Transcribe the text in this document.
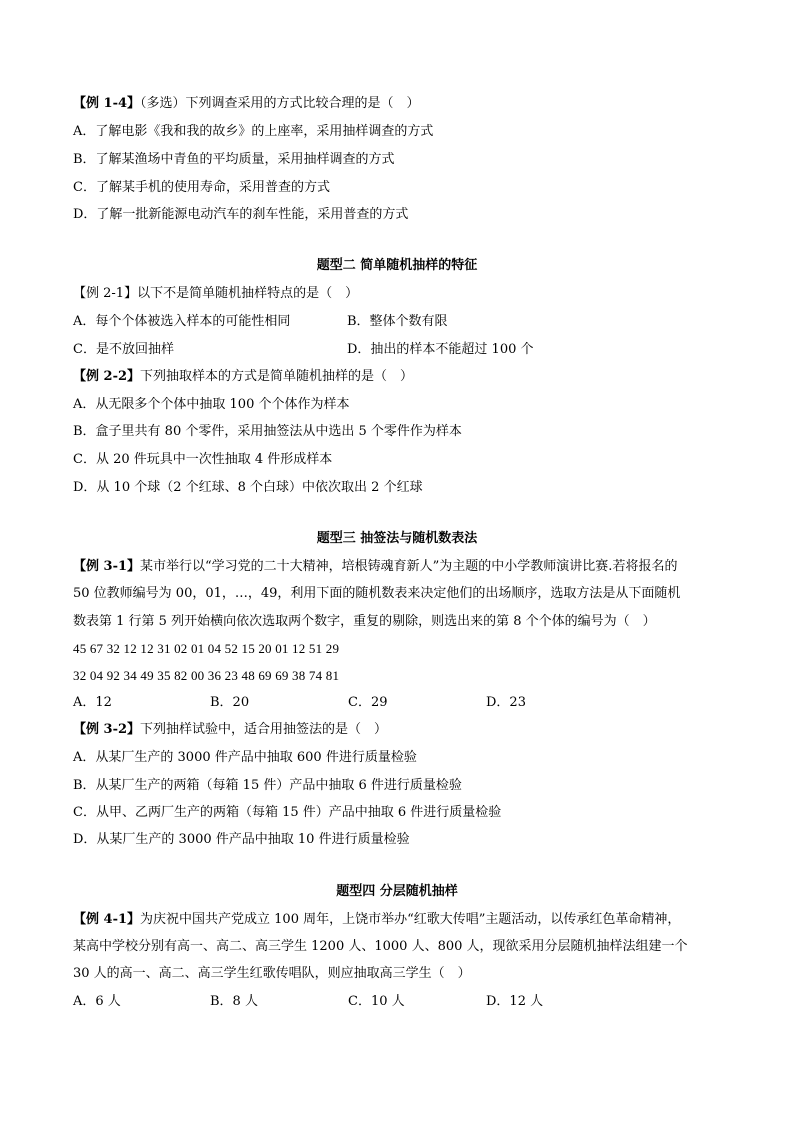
【例 1-4】（多选）下列调查采用的方式比较合理的是（　）
A．了解电影《我和我的故乡》的上座率，采用抽样调查的方式
B．了解某渔场中青鱼的平均质量，采用抽样调查的方式
C．了解某手机的使用寿命，采用普查的方式
D．了解一批新能源电动汽车的刹车性能，采用普查的方式
题型二 简单随机抽样的特征
【例 2-1】以下不是简单随机抽样特点的是（　）
A．每个个体被选入样本的可能性相同	B．整体个数有限
C．是不放回抽样	D．抽出的样本不能超过 100 个
【例 2-2】下列抽取样本的方式是简单随机抽样的是（　）
A．从无限多个个体中抽取 100 个个体作为样本
B．盒子里共有 80 个零件，采用抽签法从中选出 5 个零件作为样本
C．从 20 件玩具中一次性抽取 4 件形成样本
D．从 10 个球（2 个红球、8 个白球）中依次取出 2 个红球
题型三 抽签法与随机数表法
【例 3-1】某市举行以“学习党的二十大精神，培根铸魂育新人”为主题的中小学教师演讲比赛.若将报名的
50 位教师编号为 00，01，…，49，利用下面的随机数表来决定他们的出场顺序，选取方法是从下面随机
数表第 1 行第 5 列开始横向依次选取两个数字，重复的剔除，则选出来的第 8 个个体的编号为（　）
45 67 32 12 12 31 02 01 04 52 15 20 01 12 51 29
32 04 92 34 49 35 82 00 36 23 48 69 69 38 74 81
A．12	B．20	C．29	D．23
【例 3-2】下列抽样试验中，适合用抽签法的是（　）
A．从某厂生产的 3000 件产品中抽取 600 件进行质量检验
B．从某厂生产的两箱（每箱 15 件）产品中抽取 6 件进行质量检验
C．从甲、乙两厂生产的两箱（每箱 15 件）产品中抽取 6 件进行质量检验
D．从某厂生产的 3000 件产品中抽取 10 件进行质量检验
题型四 分层随机抽样
【例 4-1】为庆祝中国共产党成立 100 周年，上饶市举办“红歌大传唱”主题活动，以传承红色革命精神，
某高中学校分别有高一、高二、高三学生 1200 人、1000 人、800 人，现欲采用分层随机抽样法组建一个
30 人的高一、高二、高三学生红歌传唱队，则应抽取高三学生（　）
A．6 人	B．8 人	C．10 人	D．12 人
